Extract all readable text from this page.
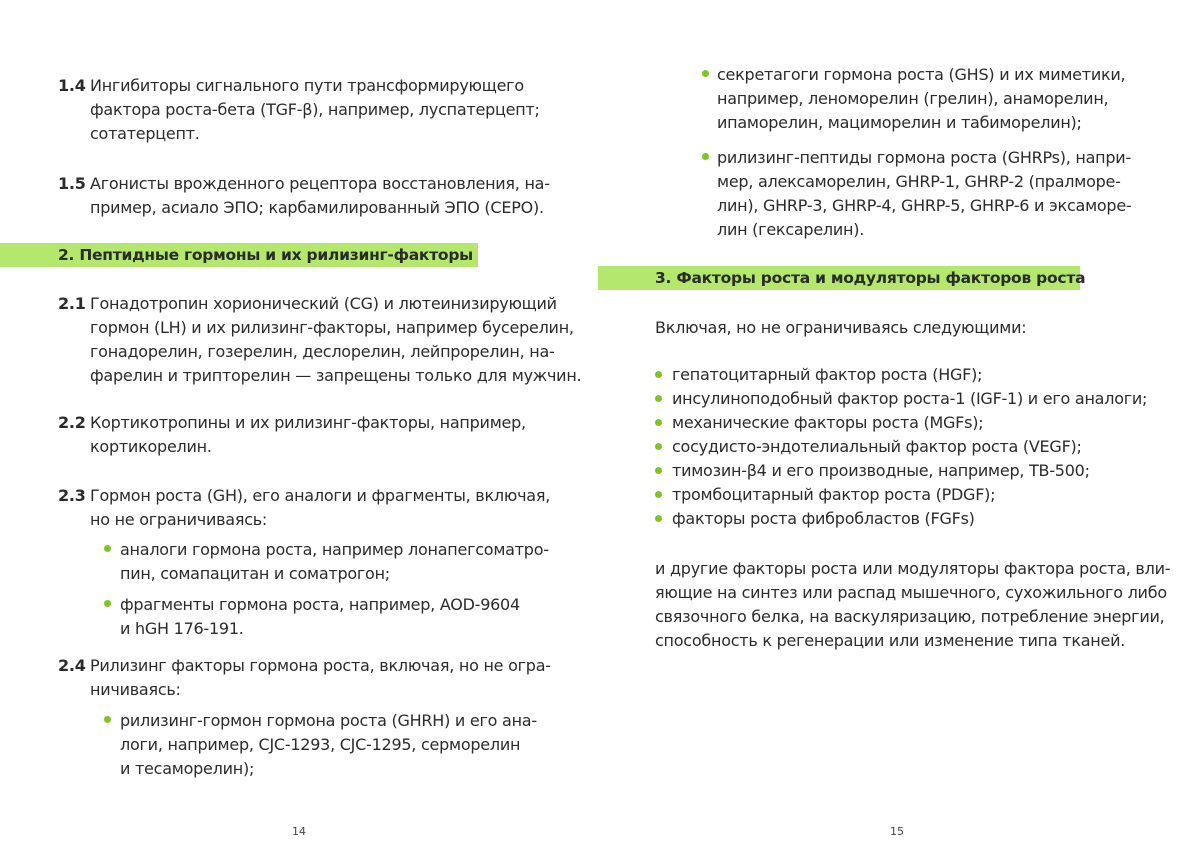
1.4 Ингибиторы сигнального пути трансформирующего

фактора роста-бета (TGF-β), например, луспатерцепт;

сотатерцепт.

1.5 Агонисты врожденного рецептора восстановления, на-

пример, асиало ЭПО; карбамилированный ЭПО (CEPO).

2. Пептидные гормоны и их рилизинг-факторы

2.1 Гонадотропин хорионический (CG) и лютеинизирующий

гормон (LH) и их рилизинг-факторы, например бусерелин,

гонадорелин, гозерелин, деслорелин, лейпрорелин, на-

фарелин и трипторелин — запрещены только для мужчин.

2.2 Кортикотропины и их рилизинг-факторы, например,

кортикорелин.

2.3 Гормон роста (GH), его аналоги и фрагменты, включая,

но не ограничиваясь:

аналоги гормона роста, например лонапегсоматро-

пин, сомапацитан и соматрогон;

фрагменты гормона роста, например, AOD-9604

и hGH 176-191.

2.4 Рилизинг факторы гормона роста, включая, но не огра-

ничиваясь:

рилизинг-гормон гормона роста (GHRH) и его ана-

логи, например, CJC-1293, CJC-1295, серморелин

и тесаморелин);

14

секретагоги гормона роста (GHS) и их миметики,

например, леноморелин (грелин), анаморелин,

ипаморелин, мациморелин и табиморелин);

рилизинг-пептиды гормона роста (GHRPs), напри-

мер, алексаморелин, GHRP-1, GHRP-2 (пралморе-

лин), GHRP-3, GHRP-4, GHRP-5, GHRP-6 и эксаморе-

лин (гексарелин).

3. Факторы роста и модуляторы факторов роста

Включая, но не ограничиваясь следующими:

гепатоцитарный фактор роста (HGF);

инсулиноподобный фактор роста-1 (IGF-1) и его аналоги;

механические факторы роста (MGFs);

сосудисто-эндотелиальный фактор роста (VEGF);

тимозин-β4 и его производные, например, TB-500;

тромбоцитарный фактор роста (PDGF);

факторы роста фибробластов (FGFs)

и другие факторы роста или модуляторы фактора роста, вли-

яющие на синтез или распад мышечного, сухожильного либо

связочного белка, на васкуляризацию, потребление энергии,

способность к регенерации или изменение типа тканей.

15
